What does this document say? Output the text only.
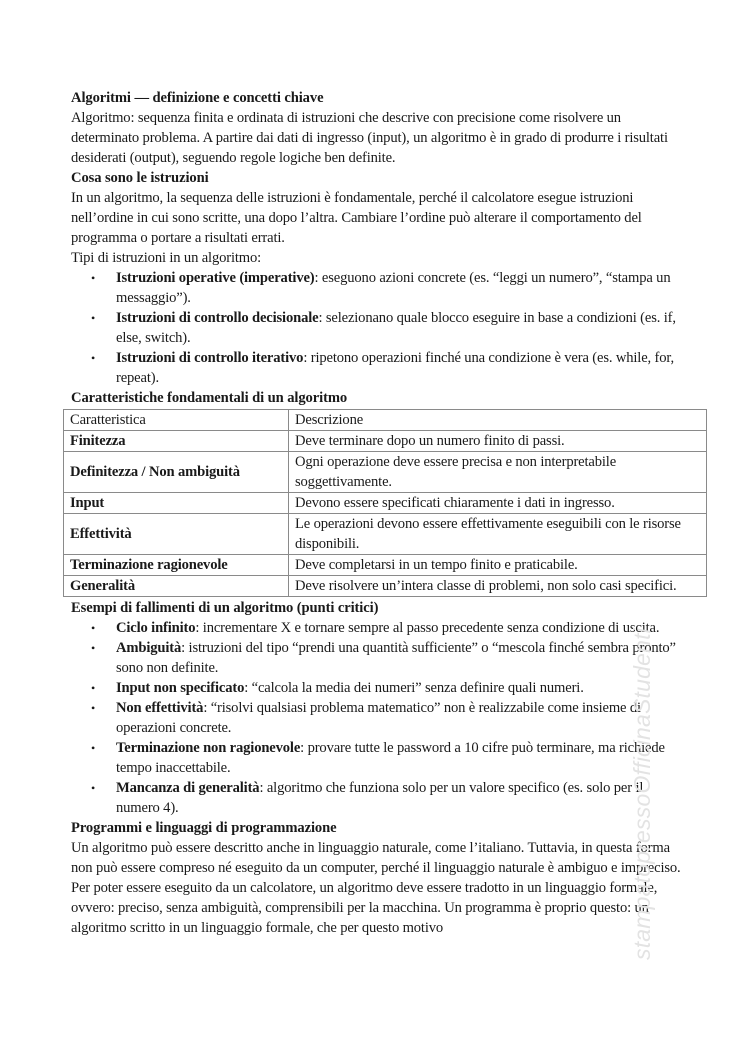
Algoritmi — definizione e concetti chiave

Algoritmo: sequenza finita e ordinata di istruzioni che descrive con precisione come risolvere un determinato problema. A partire dai dati di ingresso (input), un algoritmo è in grado di produrre i risultati desiderati (output), seguendo regole logiche ben definite.

Cosa sono le istruzioni

In un algoritmo, la sequenza delle istruzioni è fondamentale, perché il calcolatore esegue istruzioni nell’ordine in cui sono scritte, una dopo l’altra. Cambiare l’ordine può alterare il comportamento del programma o portare a risultati errati.

Tipi di istruzioni in un algoritmo:

• Istruzioni operative (imperative): eseguono azioni concrete (es. “leggi un numero”, “stampa un messaggio”).
• Istruzioni di controllo decisionale: selezionano quale blocco eseguire in base a condizioni (es. if, else, switch).
• Istruzioni di controllo iterativo: ripetono operazioni finché una condizione è vera (es. while, for, repeat).

Caratteristiche fondamentali di un algoritmo

Caratteristica	Descrizione
Finitezza	Deve terminare dopo un numero finito di passi.
Definitezza / Non ambiguità	Ogni operazione deve essere precisa e non interpretabile soggettivamente.
Input	Devono essere specificati chiaramente i dati in ingresso.
Effettività	Le operazioni devono essere effettivamente eseguibili con le risorse disponibili.
Terminazione ragionevole	Deve completarsi in un tempo finito e praticabile.
Generalità	Deve risolvere un’intera classe di problemi, non solo casi specifici.

Esempi di fallimenti di un algoritmo (punti critici)

• Ciclo infinito: incrementare X e tornare sempre al passo precedente senza condizione di uscita.
• Ambiguità: istruzioni del tipo “prendi una quantità sufficiente” o “mescola finché sembra pronto” sono non definite.
• Input non specificato: “calcola la media dei numeri” senza definire quali numeri.
• Non effettività: “risolvi qualsiasi problema matematico” non è realizzabile come insieme di operazioni concrete.
• Terminazione non ragionevole: provare tutte le password a 10 cifre può terminare, ma richiede tempo inaccettabile.
• Mancanza di generalità: algoritmo che funziona solo per un valore specifico (es. solo per il numero 4).

Programmi e linguaggi di programmazione

Un algoritmo può essere descritto anche in linguaggio naturale, come l’italiano. Tuttavia, in questa forma non può essere compreso né eseguito da un computer, perché il linguaggio naturale è ambiguo e impreciso. Per poter essere eseguito da un calcolatore, un algoritmo deve essere tradotto in un linguaggio formale, ovvero: preciso, senza ambiguità, comprensibili per la macchina. Un programma è proprio questo: un algoritmo scritto in un linguaggio formale, che per questo motivo	stampatopressoOfficinaStudenti
